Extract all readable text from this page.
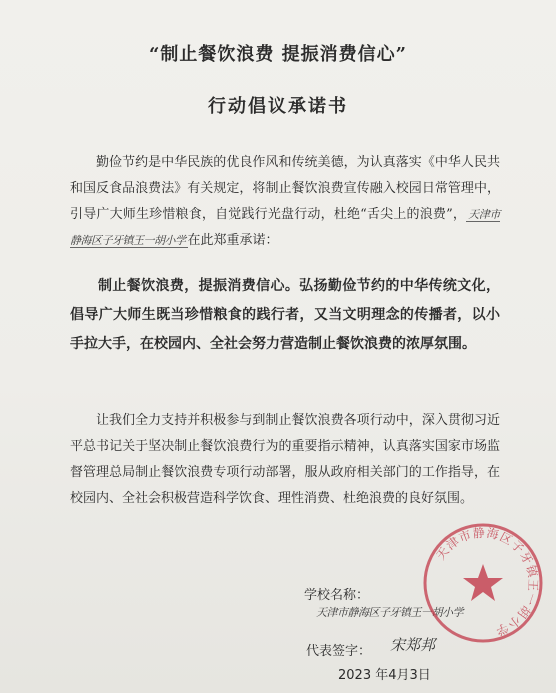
“制止餐饮浪费 提振消费信心”
行动倡议承诺书

勤俭节约是中华民族的优良作风和传统美德，为认真落实《中华人民共和国反食品浪费法》有关规定，将制止餐饮浪费宣传融入校园日常管理中，引导广大师生珍惜粮食，自觉践行光盘行动，杜绝“舌尖上的浪费”， 天津市静海区子牙镇王一胡小学 在此郑重承诺：

制止餐饮浪费，提振消费信心。弘扬勤俭节约的中华传统文化，倡导广大师生既当珍惜粮食的践行者，又当文明理念的传播者，以小手拉大手，在校园内、全社会努力营造制止餐饮浪费的浓厚氛围。

让我们全力支持并积极参与到制止餐饮浪费各项行动中，深入贯彻习近平总书记关于坚决制止餐饮浪费行为的重要指示精神，认真落实国家市场监督管理总局制止餐饮浪费专项行动部署，服从政府相关部门的工作指导，在校园内、全社会积极营造科学饮食、理性消费、杜绝浪费的良好氛围。

学校名称：
天津市静海区子牙镇王一胡小学
代表签字： 宋郑邦
2023 年4月3日
天津市静海区子牙镇王一胡小学
